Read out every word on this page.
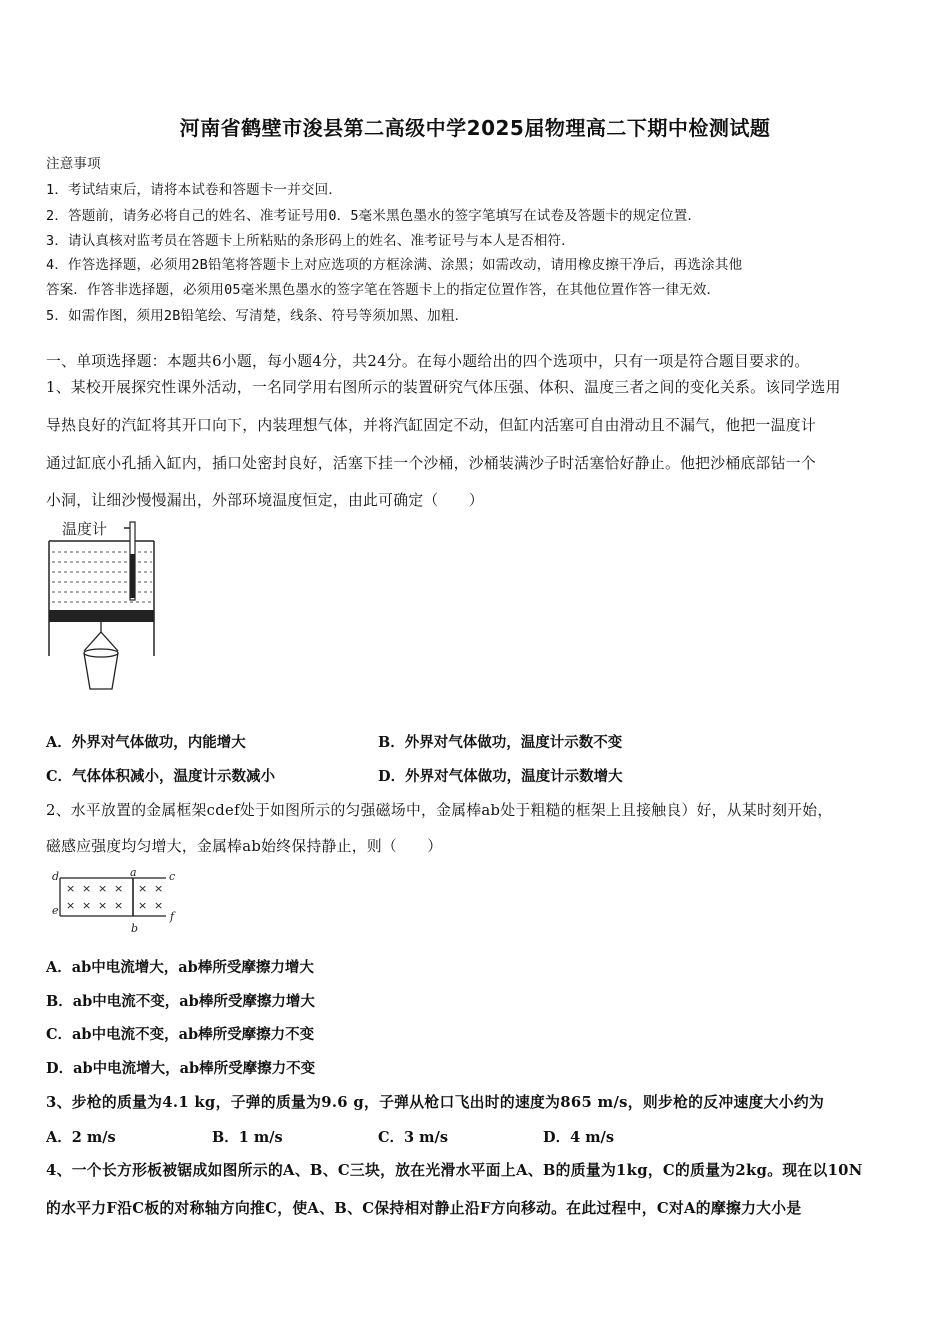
河南省鹤壁市浚县第二高级中学2025届物理高二下期中检测试题
注意事项
1．考试结束后，请将本试卷和答题卡一并交回．
2．答题前，请务必将自己的姓名、准考证号用0．5毫米黑色墨水的签字笔填写在试卷及答题卡的规定位置．
3．请认真核对监考员在答题卡上所粘贴的条形码上的姓名、准考证号与本人是否相符．
4．作答选择题，必须用2B铅笔将答题卡上对应选项的方框涂满、涂黑；如需改动，请用橡皮擦干净后，再选涂其他
答案．作答非选择题，必须用05毫米黑色墨水的签字笔在答题卡上的指定位置作答，在其他位置作答一律无效．
5．如需作图，须用2B铅笔绘、写清楚，线条、符号等须加黑、加粗．
一、单项选择题：本题共6小题，每小题4分，共24分。在每小题给出的四个选项中，只有一项是符合题目要求的。
1、某校开展探究性课外活动，一名同学用右图所示的装置研究气体压强、体积、温度三者之间的变化关系。该同学选用
导热良好的汽缸将其开口向下，内装理想气体，并将汽缸固定不动，但缸内活塞可自由滑动且不漏气，他把一温度计
通过缸底小孔插入缸内，插口处密封良好，活塞下挂一个沙桶，沙桶装满沙子时活塞恰好静止。他把沙桶底部钻一个
小洞，让细沙慢慢漏出，外部环境温度恒定，由此可确定（　　）
温度计
A．外界对气体做功，内能增大	B．外界对气体做功，温度计示数不变
C．气体体积减小，温度计示数减小	D．外界对气体做功，温度计示数增大
2、水平放置的金属框架cdef处于如图所示的匀强磁场中，金属棒ab处于粗糙的框架上且接触良）好，从某时刻开始，
磁感应强度均匀增大，金属棒ab始终保持静止，则（　　）
d	a	c
e
b
f
× × × × × ×
× × × × × ×
A．ab中电流增大，ab棒所受摩擦力增大
B．ab中电流不变，ab棒所受摩擦力增大
C．ab中电流不变，ab棒所受摩擦力不变
D．ab中电流增大，ab棒所受摩擦力不变
3、步枪的质量为4.1 kg，子弹的质量为9.6 g，子弹从枪口飞出时的速度为865 m/s，则步枪的反冲速度大小约为
A．2 m/s	B．1 m/s	C．3 m/s	D．4 m/s
4、一个长方形板被锯成如图所示的A、B、C三块，放在光滑水平面上A、B的质量为1kg，C的质量为2kg。现在以10N
的水平力F沿C板的对称轴方向推C，使A、B、C保持相对静止沿F方向移动。在此过程中，C对A的摩擦力大小是
